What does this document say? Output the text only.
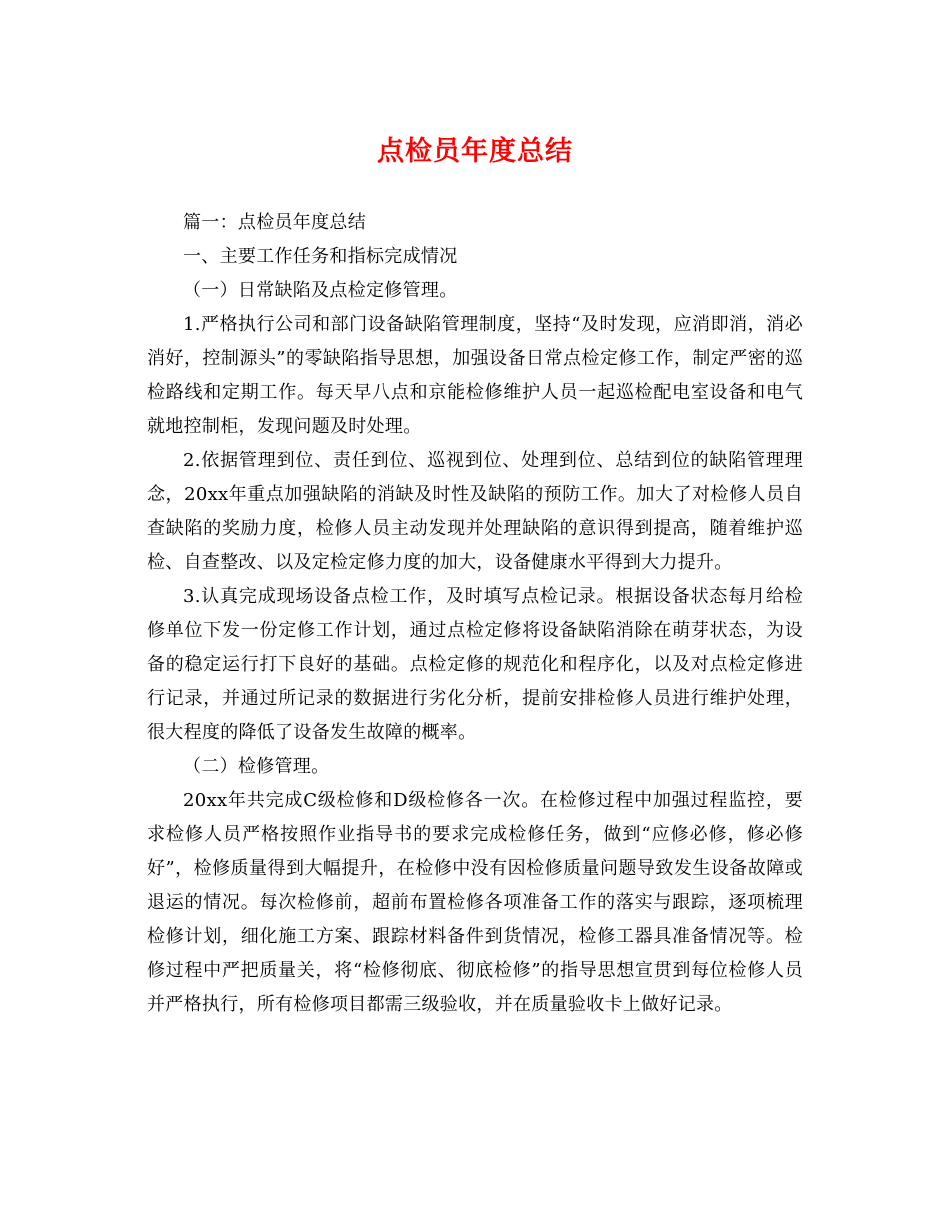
点检员年度总结

篇一：点检员年度总结

一、主要工作任务和指标完成情况

（一）日常缺陷及点检定修管理。

1.严格执行公司和部门设备缺陷管理制度，坚持“及时发现，应消即消，消必消好，控制源头”的零缺陷指导思想，加强设备日常点检定修工作，制定严密的巡检路线和定期工作。每天早八点和京能检修维护人员一起巡检配电室设备和电气就地控制柜，发现问题及时处理。

2.依据管理到位、责任到位、巡视到位、处理到位、总结到位的缺陷管理理念，20xx年重点加强缺陷的消缺及时性及缺陷的预防工作。加大了对检修人员自查缺陷的奖励力度，检修人员主动发现并处理缺陷的意识得到提高，随着维护巡检、自查整改、以及定检定修力度的加大，设备健康水平得到大力提升。

3.认真完成现场设备点检工作，及时填写点检记录。根据设备状态每月给检修单位下发一份定修工作计划，通过点检定修将设备缺陷消除在萌芽状态，为设备的稳定运行打下良好的基础。点检定修的规范化和程序化，以及对点检定修进行记录，并通过所记录的数据进行劣化分析，提前安排检修人员进行维护处理，很大程度的降低了设备发生故障的概率。

（二）检修管理。

20xx年共完成C级检修和D级检修各一次。在检修过程中加强过程监控，要求检修人员严格按照作业指导书的要求完成检修任务，做到“应修必修，修必修好”，检修质量得到大幅提升，在检修中没有因检修质量问题导致发生设备故障或退运的情况。每次检修前，超前布置检修各项准备工作的落实与跟踪，逐项梳理检修计划，细化施工方案、跟踪材料备件到货情况，检修工器具准备情况等。检修过程中严把质量关，将“检修彻底、彻底检修”的指导思想宣贯到每位检修人员并严格执行，所有检修项目都需三级验收，并在质量验收卡上做好记录。
